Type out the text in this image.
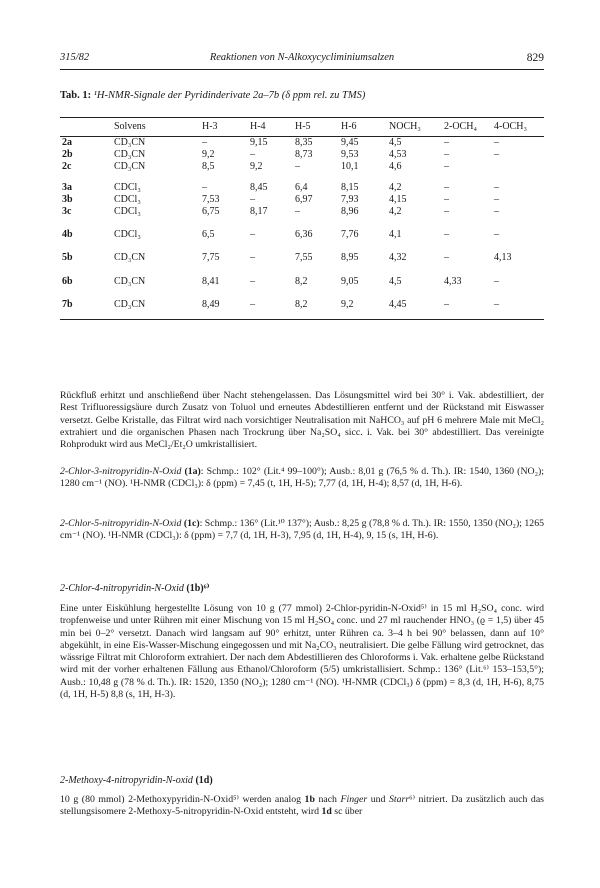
315/82	Reaktionen von N-Alkoxycycliminiumsalzen	829
Tab. 1: ¹H-NMR-Signale der Pyridinderivate 2a–7b (δ ppm rel. zu TMS)
	Solvens	H-3	H-4	H-5	H-6	NOCH₃	2-OCH₄	4-OCH₃
2a	CD₃CN	–	9,15	8,35	9,45	4,5	–	–
2b	CD₃CN	9,2	–	8,73	9,53	4,53	–	–
2c	CD₃CN	8,5	9,2	–	10,1	4,6	–	

3a	CDCl₃	–	8,45	6,4	8,15	4,2	–	–
3b	CDCl₃	7,53	–	6,97	7,93	4,15	–	–
3c	CDCl₃	6,75	8,17	–	8,96	4,2	–	–

4b	CDCl₃	6,5	–	6,36	7,76	4,1	–	–

5b	CD₃CN	7,75	–	7,55	8,95	4,32	–	4,13

6b	CD₃CN	8,41	–	8,2	9,05	4,5	4,33	–

7b	CD₃CN	8,49	–	8,2	9,2	4,45	–	–

Rückfluß erhitzt und anschließend über Nacht stehengelassen. Das Lösungsmittel wird bei 30° i. Vak. abdestilliert, der Rest Trifluoressigsäure durch Zusatz von Toluol und erneutes Abdestillieren entfernt und der Rückstand mit Eiswasser versetzt. Gelbe Kristalle, das Filtrat wird nach vorsichtiger Neutralisation mit NaHCO₃ auf pH 6 mehrere Male mit MeCl₂ extrahiert und die organischen Phasen nach Trockrung über Na₂SO₄ sicc. i. Vak. bei 30° abdestilliert. Das vereinigte Rohprodukt wird aus MeCl₂/Et₂O umkristallisiert.

2-Chlor-3-nitropyridin-N-Oxid (1a): Schmp.: 102° (Lit.⁴ 99–100°); Ausb.: 8,01 g (76,5 % d. Th.). IR: 1540, 1360 (NO₂); 1280 cm⁻¹ (NO). ¹H-NMR (CDCl₃): δ (ppm) = 7,45 (t, 1H, H-5); 7,77 (d, 1H, H-4); 8,57 (d, 1H, H-6).

2-Chlor-5-nitropyridin-N-Oxid (1c): Schmp.: 136° (Lit.¹⁰ 137°); Ausb.: 8,25 g (78,8 % d. Th.). IR: 1550, 1350 (NO₂); 1265 cm⁻¹ (NO). ¹H-NMR (CDCl₃): δ (ppm) = 7,7 (d, 1H, H-3), 7,95 (d, 1H, H-4), 9, 15 (s, 1H, H-6).

2-Chlor-4-nitropyridin-N-Oxid (1b)⁶⁾

Eine unter Eiskühlung hergestellte Lösung von 10 g (77 mmol) 2-Chlor-pyridin-N-Oxid⁵⁾ in 15 ml H₂SO₄ conc. wird tropfenweise und unter Rühren mit einer Mischung von 15 ml H₂SO₄ conc. und 27 ml rauchender HNO₃ (ϱ = 1,5) über 45 min bei 0–2° versetzt. Danach wird langsam auf 90° erhitzt, unter Rühren ca. 3–4 h bei 90° belassen, dann auf 10° abgekühlt, in eine Eis-Wasser-Mischung eingegossen und mit Na₂CO₃ neutralisiert. Die gelbe Fällung wird getrocknet, das wässrige Filtrat mit Chloroform extrahiert. Der nach dem Abdestillieren des Chloroforms i. Vak. erhaltene gelbe Rückstand wird mit der vorher erhaltenen Fällung aus Ethanol/Chloroform (5/5) umkristallisiert. Schmp.: 136° (Lit.⁶⁾ 153–153,5°); Ausb.: 10,48 g (78 % d. Th.). IR: 1520, 1350 (NO₂); 1280 cm⁻¹ (NO). ¹H-NMR (CDCl₃) δ (ppm) = 8,3 (d, 1H, H-6), 8,75 (d, 1H, H-5) 8,8 (s, 1H, H-3).

2-Methoxy-4-nitropyridin-N-oxid (1d)

10 g (80 mmol) 2-Methoxypyridin-N-Oxid⁵⁾ werden analog 1b nach Finger und Starr⁶⁾ nitriert. Da zusätzlich auch das stellungsisomere 2-Methoxy-5-nitropyridin-N-Oxid entsteht, wird 1d sc über
